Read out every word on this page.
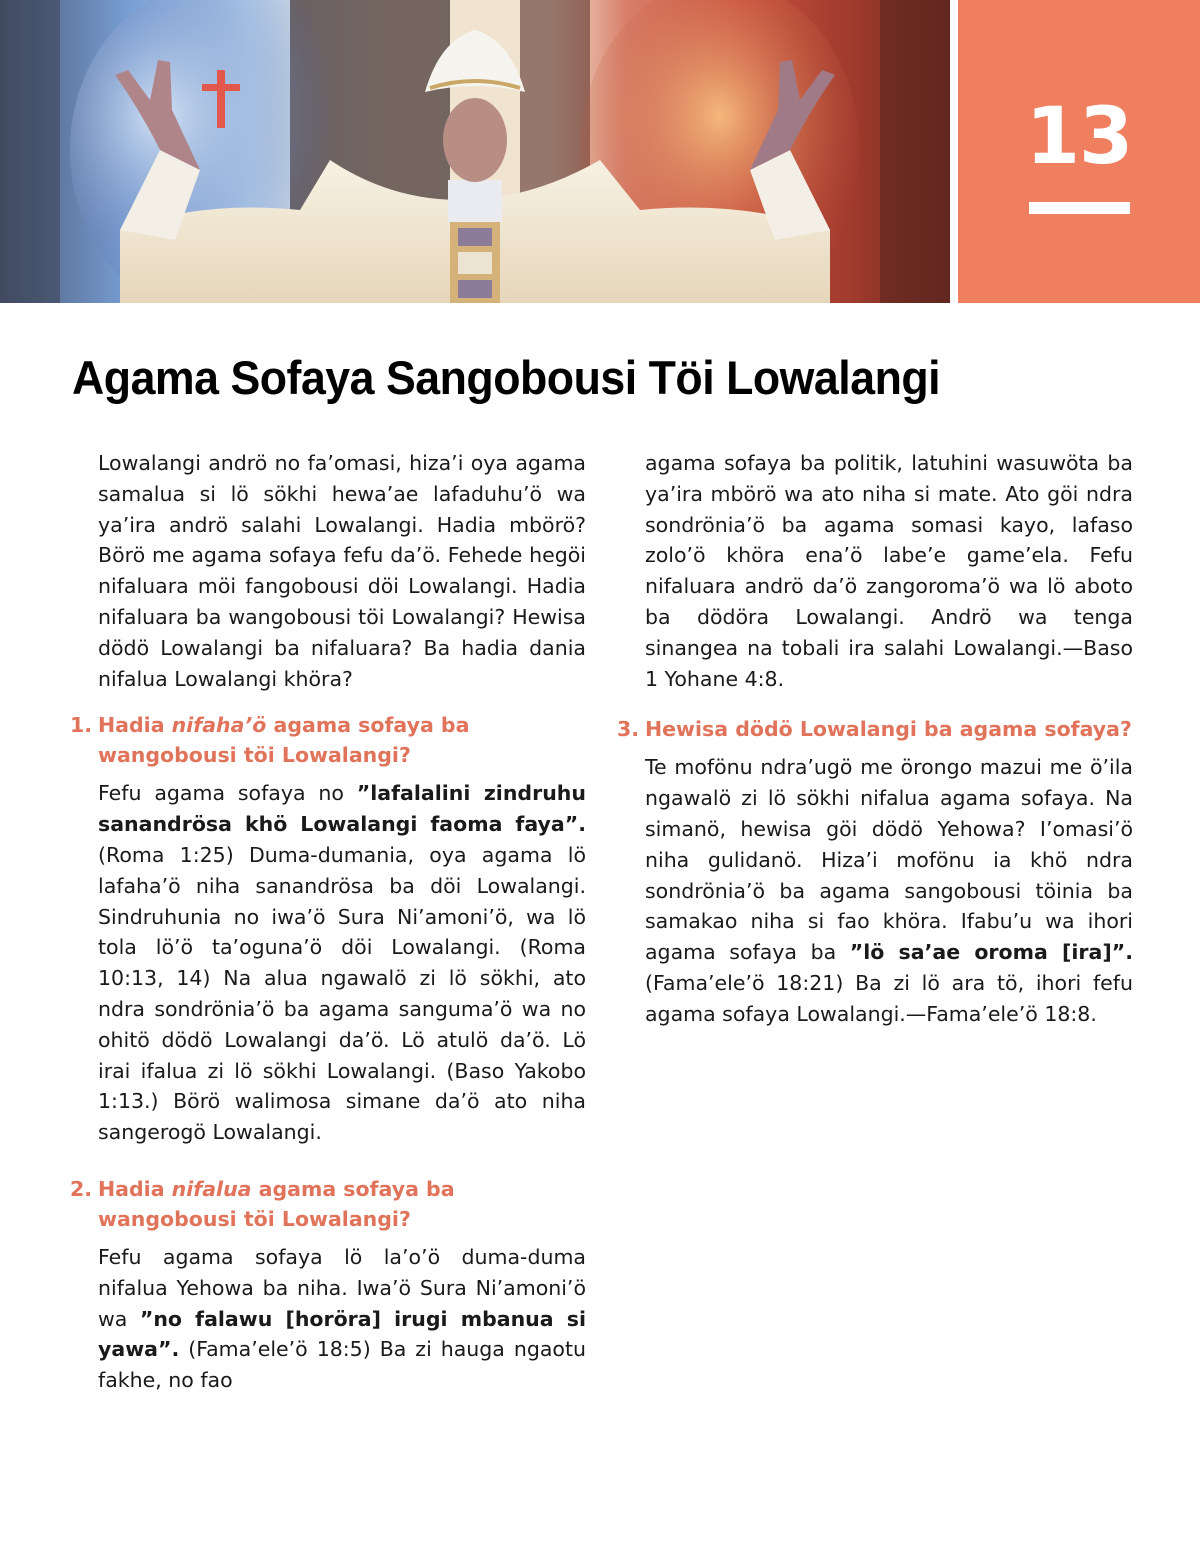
13
Agama Sofaya Sangobousi Töi Lowalangi

Lowalangi andrö no fa’omasi, hiza’i oya agama samalua si lö sökhi hewa’ae lafaduhu’ö wa ya’ira andrö salahi Lowalangi. Hadia mbörö? Börö me agama sofaya fefu da’ö. Fehede hegöi nifaluara möi fangobousi döi Lowalangi. Hadia nifaluara ba wangobousi töi Lowalangi? Hewisa dödö Lowalangi ba nifaluara? Ba hadia dania nifalua Lowalangi khöra?

1. Hadia nifaha’ö agama sofaya ba wangobousi töi Lowalangi?

Fefu agama sofaya no ”lafalalini zindruhu sanandrösa khö Lowalangi faoma faya”. (Roma 1:25) Duma-dumania, oya agama lö lafaha’ö niha sanandrösa ba döi Lowalangi. Sindruhunia no iwa’ö Sura Ni’amoni’ö, wa lö tola lö’ö ta’oguna’ö döi Lowalangi. (Roma 10:13, 14) Na alua ngawalö zi lö sökhi, ato ndra sondrönia’ö ba agama sanguma’ö wa no ohitö dödö Lowalangi da’ö. Lö atulö da’ö. Lö irai ifalua zi lö sökhi Lowalangi. (Baso Yakobo 1:13.) Börö walimosa simane da’ö ato niha sangerogö Lowalangi.

2. Hadia nifalua agama sofaya ba wangobousi töi Lowalangi?

Fefu agama sofaya lö la’o’ö duma-duma nifalua Yehowa ba niha. Iwa’ö Sura Ni’amoni’ö wa ”no falawu [horöra] irugi mbanua si yawa”. (Fama’ele’ö 18:5) Ba zi hauga ngaotu fakhe, no fao

agama sofaya ba politik, latuhini wasuwöta ba ya’ira mbörö wa ato niha si mate. Ato göi ndra sondrönia’ö ba agama somasi kayo, lafaso zolo’ö khöra ena’ö labe’e game’ela. Fefu nifaluara andrö da’ö zangoroma’ö wa lö aboto ba dödöra Lowalangi. Andrö wa tenga sinangea na tobali ira salahi Lowalangi.—Baso 1 Yohane 4:8.

3. Hewisa dödö Lowalangi ba agama sofaya?

Te mofönu ndra’ugö me örongo mazui me ö’ila ngawalö zi lö sökhi nifalua agama sofaya. Na simanö, hewisa göi dödö Yehowa? I’omasi’ö niha gulidanö. Hiza’i mofönu ia khö ndra sondrönia’ö ba agama sangobousi töinia ba samakao niha si fao khöra. Ifabu’u wa ihori agama sofaya ba ”lö sa’ae oroma [ira]”. (Fama’ele’ö 18:21) Ba zi lö ara tö, ihori fefu agama sofaya Lowalangi.—Fama’ele’ö 18:8.
